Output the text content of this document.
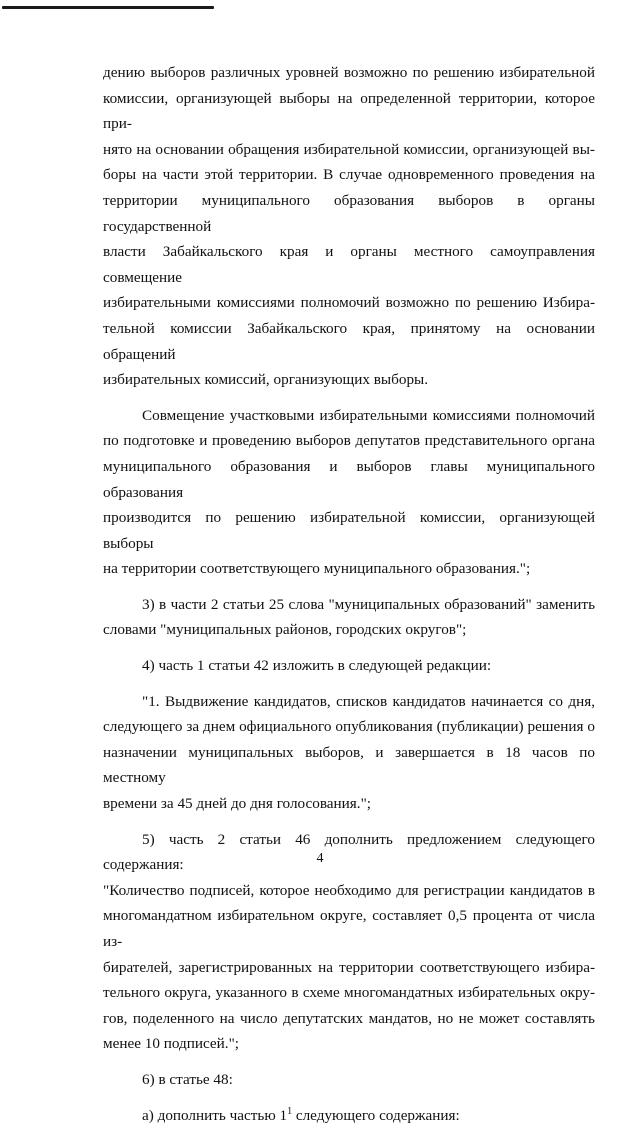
дению выборов различных уровней возможно по решению избирательной
комиссии, организующей выборы на определенной территории, которое при-
нято на основании обращения избирательной комиссии, организующей вы-
боры на части этой территории. В случае одновременного проведения на
территории муниципального образования выборов в органы государственной
власти Забайкальского края и органы местного самоуправления совмещение
избирательными комиссиями полномочий возможно по решению Избира-
тельной комиссии Забайкальского края, принятому на основании обращений
избирательных комиссий, организующих выборы.
Совмещение участковыми избирательными комиссиями полномочий
по подготовке и проведению выборов депутатов представительного органа
муниципального образования и выборов главы муниципального образования
производится по решению избирательной комиссии, организующей выборы
на территории соответствующего муниципального образования.";
3) в части 2 статьи 25 слова "муниципальных образований" заменить
словами "муниципальных районов, городских округов";
4) часть 1 статьи 42 изложить в следующей редакции:
"1. Выдвижение кандидатов, списков кандидатов начинается со дня,
следующего за днем официального опубликования (публикации) решения о
назначении муниципальных выборов, и завершается в 18 часов по местному
времени за 45 дней до дня голосования.";
5) часть 2 статьи 46 дополнить предложением следующего содержания:
"Количество подписей, которое необходимо для регистрации кандидатов в
многомандатном избирательном округе, составляет 0,5 процента от числа из-
бирателей, зарегистрированных на территории соответствующего избира-
тельного округа, указанного в схеме многомандатных избирательных окру-
гов, поделенного на число депутатских мандатов, но не может составлять
менее 10 подписей.";
6) в статье 48:
а) дополнить частью $1^1$ следующего содержания:
4
